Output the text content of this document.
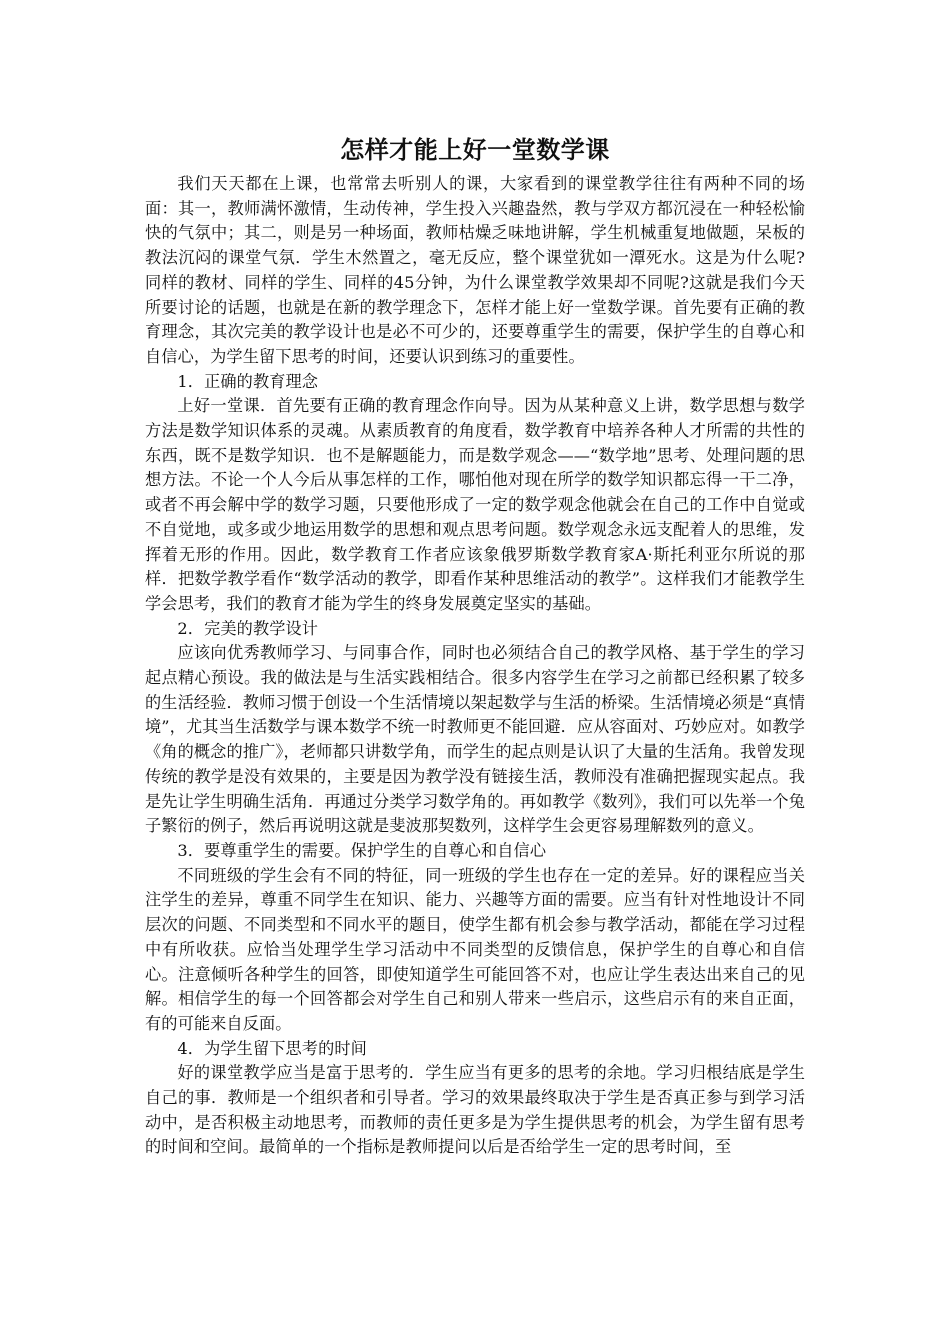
怎样才能上好一堂数学课

我们天天都在上课，也常常去听别人的课，大家看到的课堂教学往往有两种不同的场面：其一，教师满怀激情，生动传神，学生投入兴趣盎然，教与学双方都沉浸在一种轻松愉快的气氛中；其二，则是另一种场面，教师枯燥乏味地讲解，学生机械重复地做题，呆板的教法沉闷的课堂气氛．学生木然置之，毫无反应，整个课堂犹如一潭死水。这是为什么呢?同样的教材、同样的学生、同样的45分钟，为什么课堂教学效果却不同呢?这就是我们今天所要讨论的话题，也就是在新的教学理念下，怎样才能上好一堂数学课。首先要有正确的教育理念，其次完美的教学设计也是必不可少的，还要尊重学生的需要，保护学生的自尊心和自信心，为学生留下思考的时间，还要认识到练习的重要性。

1．正确的教育理念

上好一堂课．首先要有正确的教育理念作向导。因为从某种意义上讲，数学思想与数学方法是数学知识体系的灵魂。从素质教育的角度看，数学教育中培养各种人才所需的共性的东西，既不是数学知识．也不是解题能力，而是数学观念——“数学地”思考、处理问题的思想方法。不论一个人今后从事怎样的工作，哪怕他对现在所学的数学知识都忘得一干二净，或者不再会解中学的数学习题，只要他形成了一定的数学观念他就会在自己的工作中自觉或不自觉地，或多或少地运用数学的思想和观点思考问题。数学观念永远支配着人的思维，发挥着无形的作用。因此，数学教育工作者应该象俄罗斯数学教育家A·斯托利亚尔所说的那样．把数学教学看作“数学活动的教学，即看作某种思维活动的教学”。这样我们才能教学生学会思考，我们的教育才能为学生的终身发展奠定坚实的基础。

2．完美的教学设计

应该向优秀教师学习、与同事合作，同时也必须结合自己的教学风格、基于学生的学习起点精心预设。我的做法是与生活实践相结合。很多内容学生在学习之前都已经积累了较多的生活经验．教师习惯于创设一个生活情境以架起数学与生活的桥梁。生活情境必须是“真情境”，尤其当生活数学与课本数学不统一时教师更不能回避．应从容面对、巧妙应对。如教学《角的概念的推广》，老师都只讲数学角，而学生的起点则是认识了大量的生活角。我曾发现传统的教学是没有效果的，主要是因为教学没有链接生活，教师没有准确把握现实起点。我是先让学生明确生活角．再通过分类学习数学角的。再如教学《数列》，我们可以先举一个兔子繁衍的例子，然后再说明这就是斐波那契数列，这样学生会更容易理解数列的意义。

3．要尊重学生的需要。保护学生的自尊心和自信心

不同班级的学生会有不同的特征，同一班级的学生也存在一定的差异。好的课程应当关注学生的差异，尊重不同学生在知识、能力、兴趣等方面的需要。应当有针对性地设计不同层次的问题、不同类型和不同水平的题目，使学生都有机会参与教学活动，都能在学习过程中有所收获。应恰当处理学生学习活动中不同类型的反馈信息，保护学生的自尊心和自信心。注意倾听各种学生的回答，即使知道学生可能回答不对，也应让学生表达出来自己的见解。相信学生的每一个回答都会对学生自己和别人带来一些启示，这些启示有的来自正面，有的可能来自反面。

4．为学生留下思考的时间

好的课堂教学应当是富于思考的．学生应当有更多的思考的余地。学习归根结底是学生自己的事．教师是一个组织者和引导者。学习的效果最终取决于学生是否真正参与到学习活动中，是否积极主动地思考，而教师的责任更多是为学生提供思考的机会，为学生留有思考的时间和空间。最简单的一个指标是教师提问以后是否给学生一定的思考时间，至
